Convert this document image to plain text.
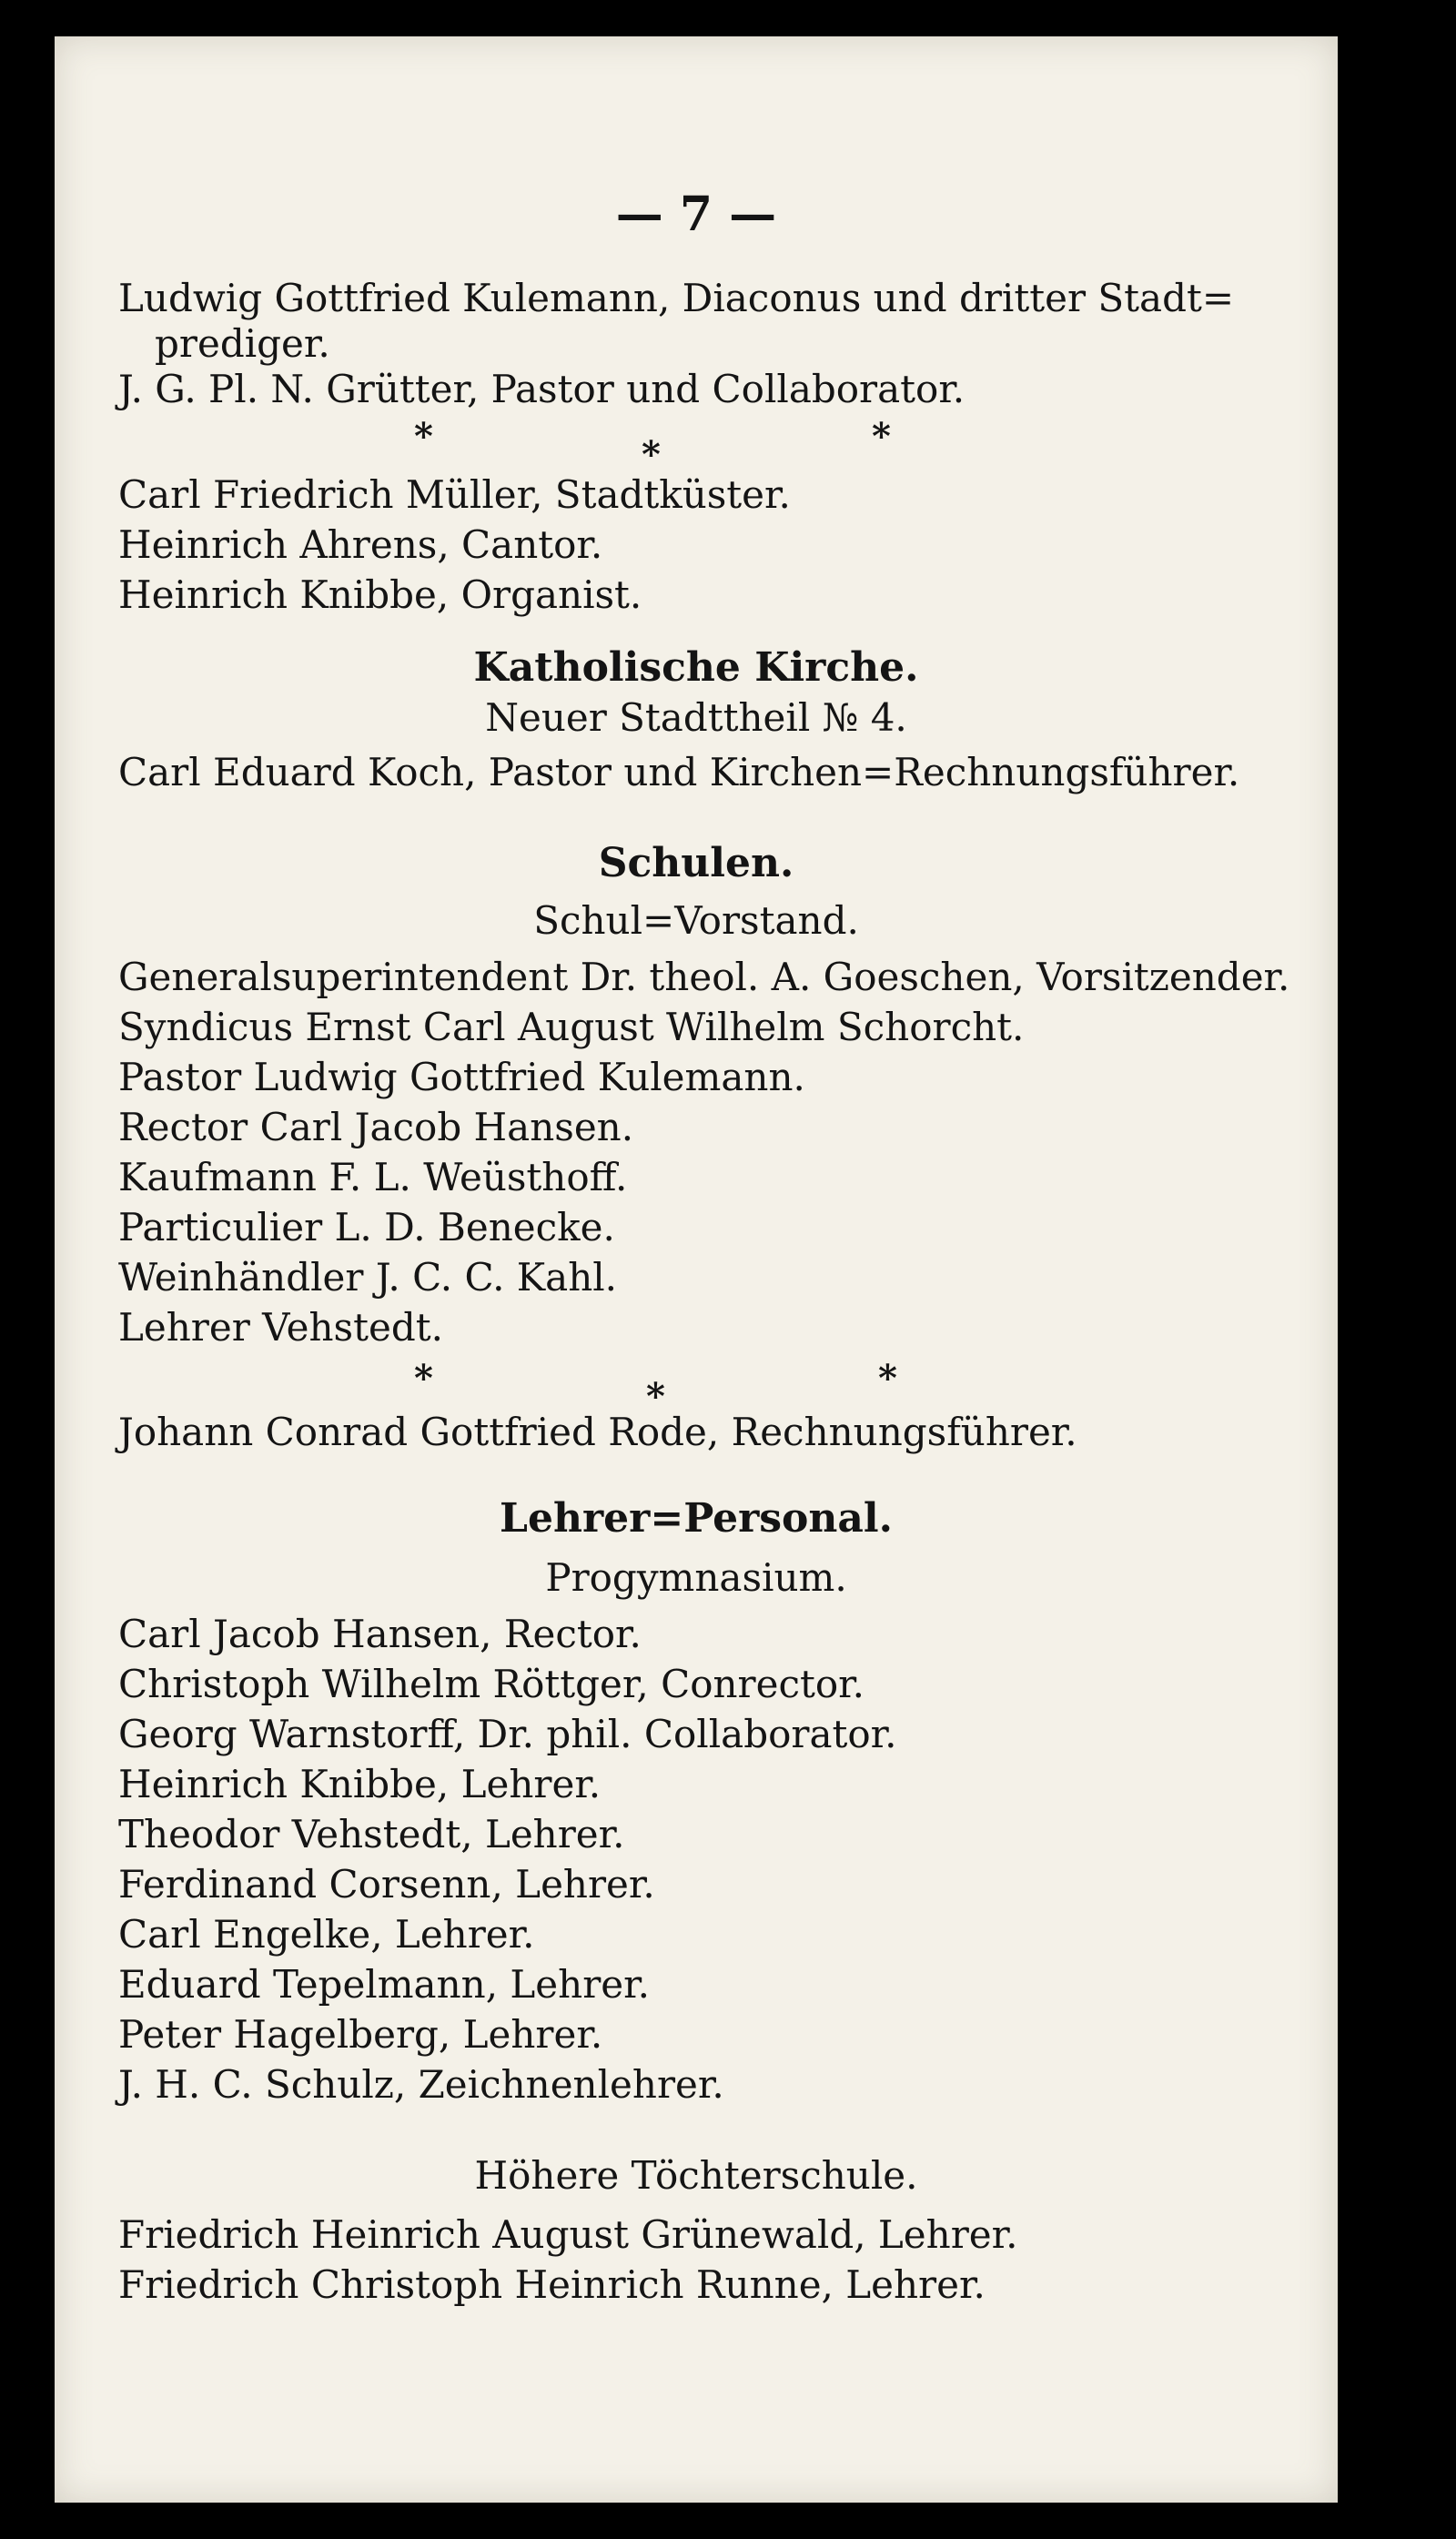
— 7 —
Ludwig Gottfried Kulemann, Diaconus und dritter Stadt=
prediger.
J. G. Pl. N. Grütter, Pastor und Collaborator.
*	*	*
Carl Friedrich Müller, Stadtküster.
Heinrich Ahrens, Cantor.
Heinrich Knibbe, Organist.
Katholische Kirche.
Neuer Stadttheil № 4.
Carl Eduard Koch, Pastor und Kirchen=Rechnungsführer.
Schulen.
Schul=Vorstand.
Generalsuperintendent Dr. theol. A. Goeschen, Vorsitzender.
Syndicus Ernst Carl August Wilhelm Schorcht.
Pastor Ludwig Gottfried Kulemann.
Rector Carl Jacob Hansen.
Kaufmann F. L. Weüsthoff.
Particulier L. D. Benecke.
Weinhändler J. C. C. Kahl.
Lehrer Vehstedt.
*	*	*
Johann Conrad Gottfried Rode, Rechnungsführer.
Lehrer=Personal.
Progymnasium.
Carl Jacob Hansen, Rector.
Christoph Wilhelm Röttger, Conrector.
Georg Warnstorff, Dr. phil. Collaborator.
Heinrich Knibbe, Lehrer.
Theodor Vehstedt, Lehrer.
Ferdinand Corsenn, Lehrer.
Carl Engelke, Lehrer.
Eduard Tepelmann, Lehrer.
Peter Hagelberg, Lehrer.
J. H. C. Schulz, Zeichnenlehrer.
Höhere Töchterschule.
Friedrich Heinrich August Grünewald, Lehrer.
Friedrich Christoph Heinrich Runne, Lehrer.
